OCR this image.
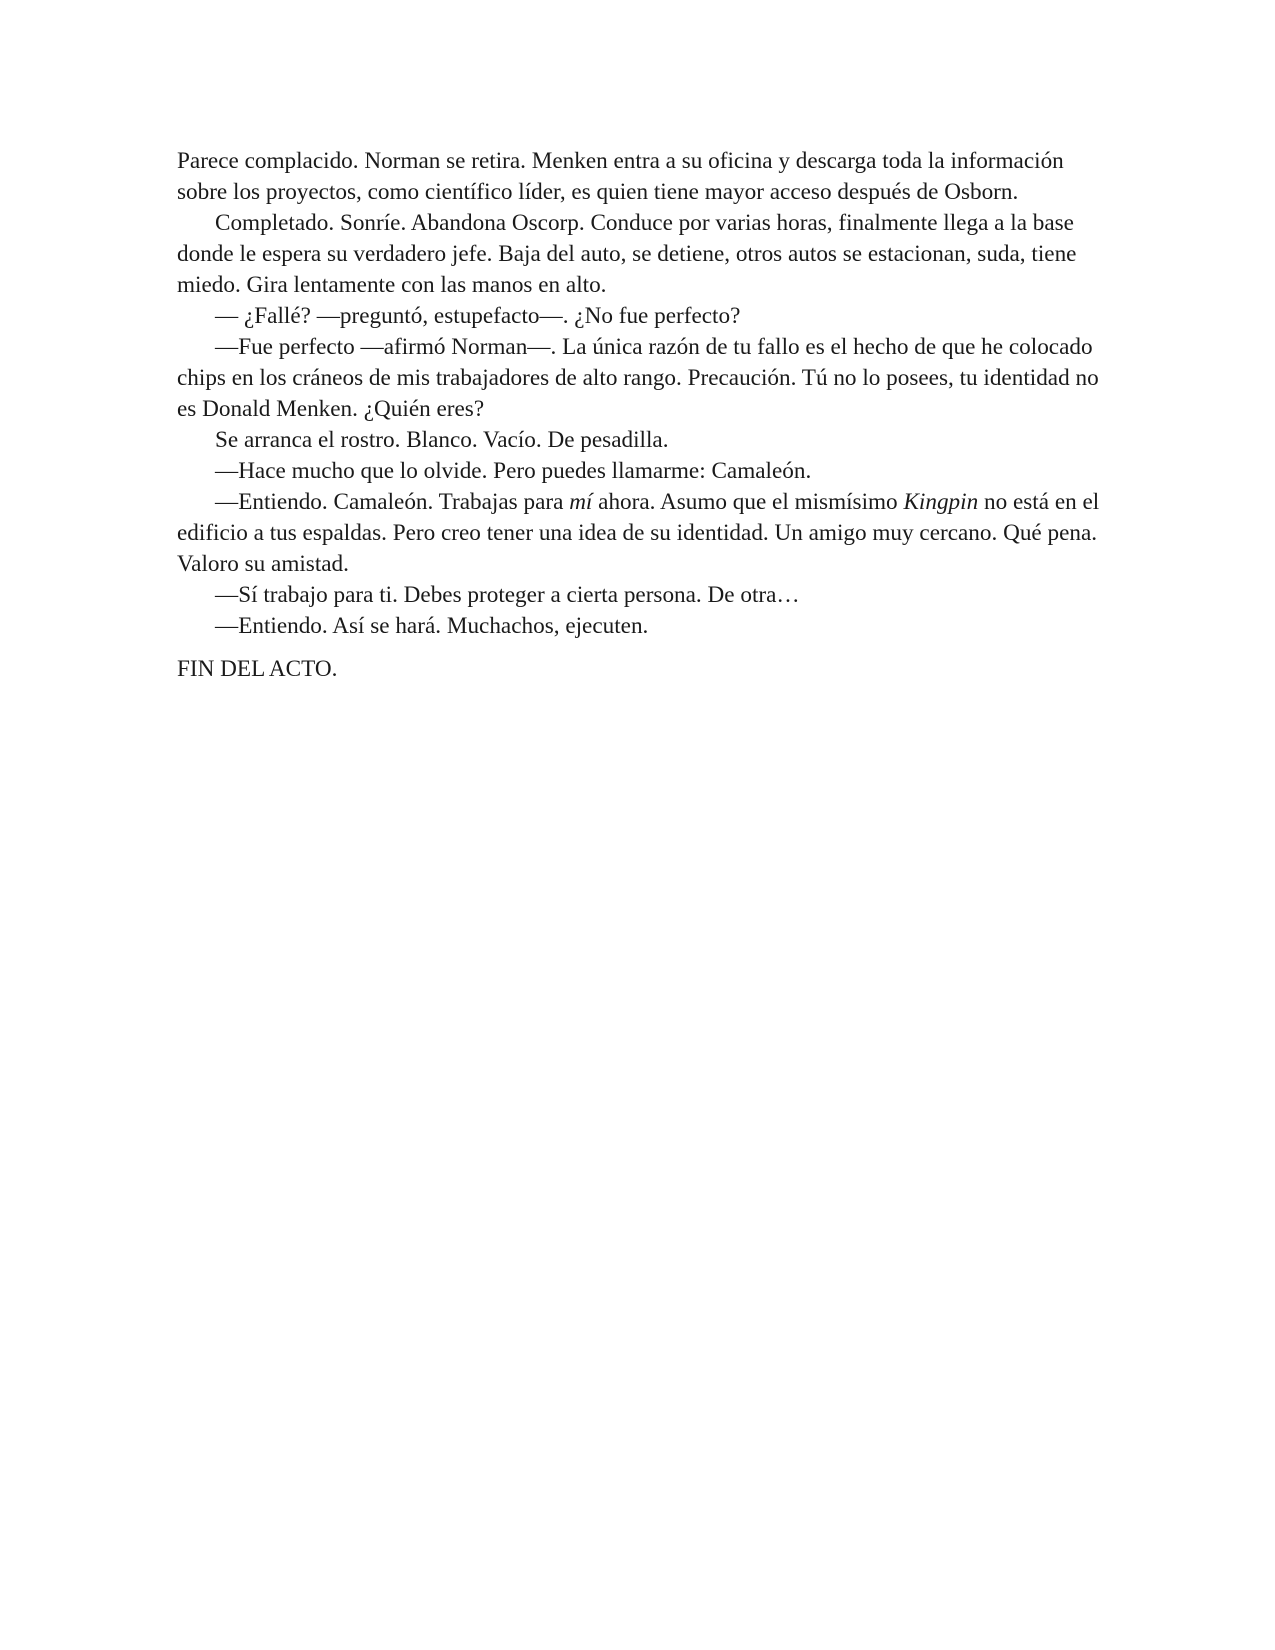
Parece complacido. Norman se retira. Menken entra a su oficina y descarga toda la información sobre los proyectos, como científico líder, es quien tiene mayor acceso después de Osborn.

Completado. Sonríe. Abandona Oscorp. Conduce por varias horas, finalmente llega a la base donde le espera su verdadero jefe. Baja del auto, se detiene, otros autos se estacionan, suda, tiene miedo. Gira lentamente con las manos en alto.

— ¿Fallé? —preguntó, estupefacto—. ¿No fue perfecto?

—Fue perfecto —afirmó Norman—. La única razón de tu fallo es el hecho de que he colocado chips en los cráneos de mis trabajadores de alto rango. Precaución. Tú no lo posees, tu identidad no es Donald Menken. ¿Quién eres?

Se arranca el rostro. Blanco. Vacío. De pesadilla.

—Hace mucho que lo olvide. Pero puedes llamarme: Camaleón.

—Entiendo. Camaleón. Trabajas para mí ahora. Asumo que el mismísimo Kingpin no está en el edificio a tus espaldas. Pero creo tener una idea de su identidad. Un amigo muy cercano. Qué pena. Valoro su amistad.

—Sí trabajo para ti. Debes proteger a cierta persona. De otra…

—Entiendo. Así se hará. Muchachos, ejecuten.

FIN DEL ACTO.
